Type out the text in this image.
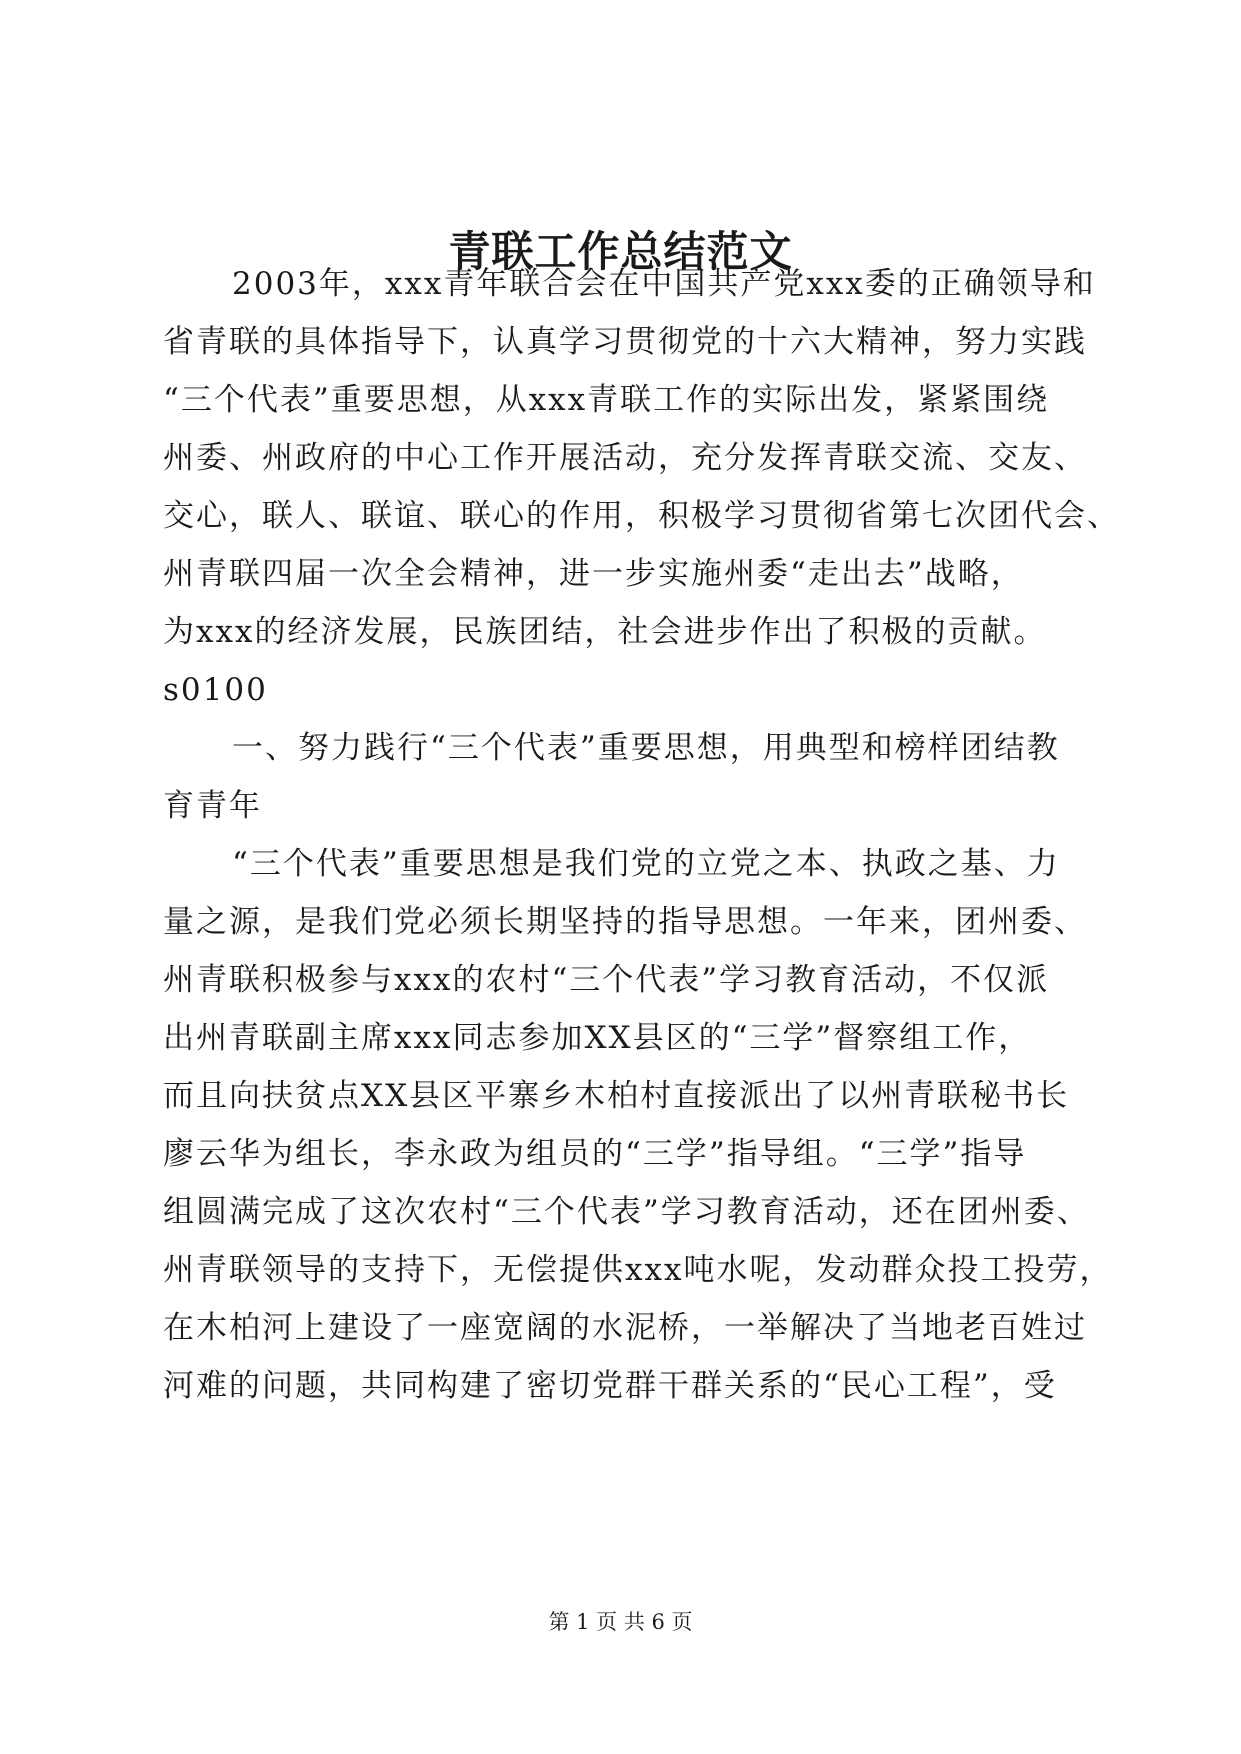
青联工作总结范文
2003年，xxx青年联合会在中国共产党xxx委的正确领导和
省青联的具体指导下，认真学习贯彻党的十六大精神，努力实践
“三个代表”重要思想，从xxx青联工作的实际出发，紧紧围绕
州委、州政府的中心工作开展活动，充分发挥青联交流、交友、
交心，联人、联谊、联心的作用，积极学习贯彻省第七次团代会、
州青联四届一次全会精神，进一步实施州委“走出去”战略，
为xxx的经济发展，民族团结，社会进步作出了积极的贡献。
s0100
一、努力践行“三个代表”重要思想，用典型和榜样团结教
育青年
“三个代表”重要思想是我们党的立党之本、执政之基、力
量之源，是我们党必须长期坚持的指导思想。一年来，团州委、
州青联积极参与xxx的农村“三个代表”学习教育活动，不仅派
出州青联副主席xxx同志参加XX县区的“三学”督察组工作，
而且向扶贫点XX县区平寨乡木柏村直接派出了以州青联秘书长
廖云华为组长，李永政为组员的“三学”指导组。“三学”指导
组圆满完成了这次农村“三个代表”学习教育活动，还在团州委、
州青联领导的支持下，无偿提供xxx吨水呢，发动群众投工投劳，
在木柏河上建设了一座宽阔的水泥桥，一举解决了当地老百姓过
河难的问题，共同构建了密切党群干群关系的“民心工程”，受
第 1 页 共 6 页
